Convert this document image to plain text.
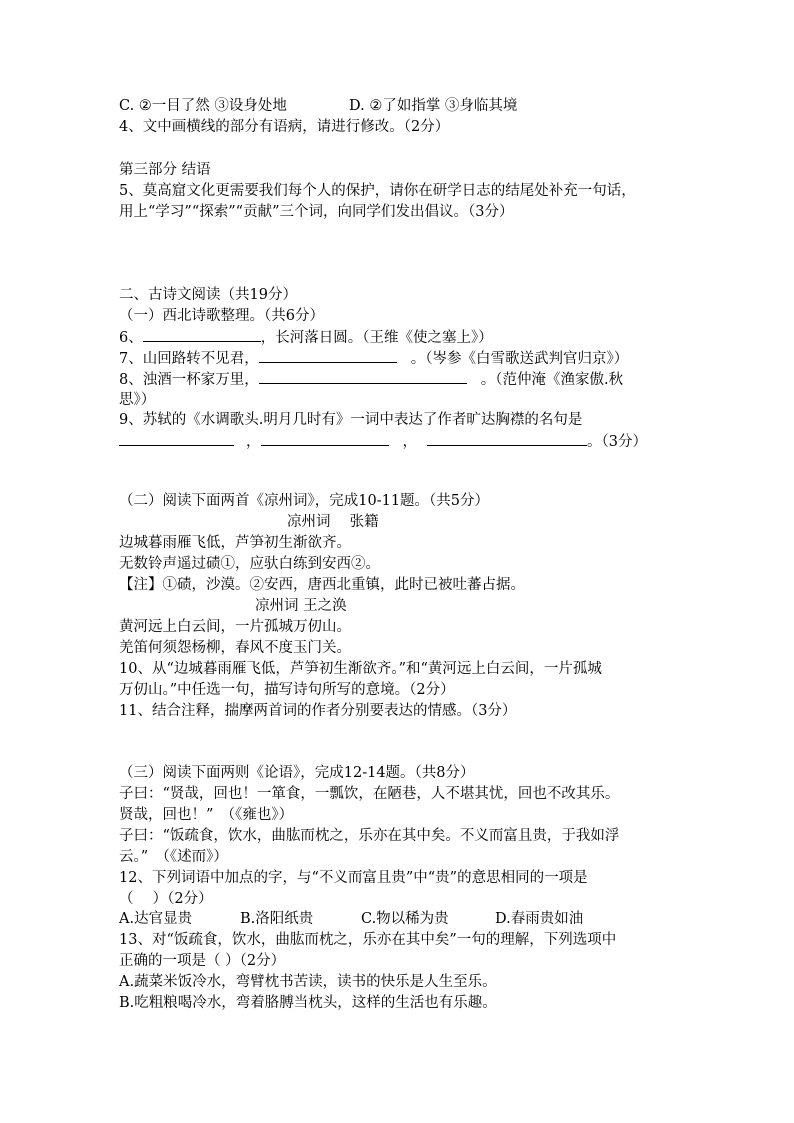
C. ②一目了然 ③设身处地	D. ②了如指掌 ③身临其境
4、文中画横线的部分有语病，请进行修改。（2分）
第三部分 结语
5、莫高窟文化更需要我们每个人的保护，请你在研学日志的结尾处补充一句话，
用上“学习”“探索”“贡献”三个词，向同学们发出倡议。（3分）
二、古诗文阅读（共19分）
（一）西北诗歌整理。（共6分）
6、	，长河落日圆。（王维《使之塞上》）
7、山回路转不见君，	。（岑参《白雪歌送武判官归京》）
8、浊酒一杯家万里，	。（范仲淹《渔家傲.秋
思》）
9、苏轼的《水调歌头.明月几时有》一词中表达了作者旷达胸襟的名句是
，	，	。（3分）
（二）阅读下面两首《凉州词》，完成10-11题。（共5分）
凉州词　 张籍
边城暮雨雁飞低，芦笋初生渐欲齐。
无数铃声遥过碛①，应驮白练到安西②。
【注】①碛，沙漠。②安西，唐西北重镇，此时已被吐蕃占据。
凉州词 王之涣
黄河远上白云间，一片孤城万仞山。
羌笛何须怨杨柳，春风不度玉门关。
10、从“边城暮雨雁飞低，芦笋初生渐欲齐。”和“黄河远上白云间，一片孤城
万仞山。”中任选一句，描写诗句所写的意境。（2分）
11、结合注释，揣摩两首词的作者分别要表达的情感。（3分）
（三）阅读下面两则《论语》，完成12-14题。（共8分）
子曰：“贤哉，回也！一箪食，一瓢饮，在陋巷，人不堪其忧，回也不改其乐。
贤哉，回也！”　（《雍也》）
子曰：“饭疏食，饮水，曲肱而枕之，乐亦在其中矣。不义而富且贵，于我如浮
云。”　（《述而》）
12、下列词语中加点的字，与“不义而富且贵”中“贵”的意思相同的一项是
（　 ）（2分）
A.达官显贵	B.洛阳纸贵	C.物以稀为贵	D.春雨贵如油
13、对“饭疏食，饮水，曲肱而枕之，乐亦在其中矣”一句的理解，下列选项中
正确的一项是（ ）（2分）
A.蔬菜米饭冷水，弯臂枕书苦读，读书的快乐是人生至乐。
B.吃粗粮喝冷水，弯着胳膊当枕头，这样的生活也有乐趣。
